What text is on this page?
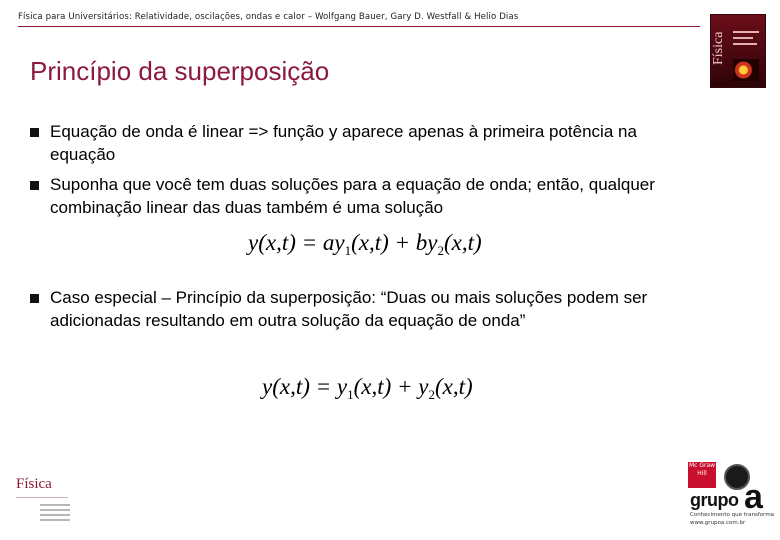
Física para Universitários: Relatividade, oscilações, ondas e calor – Wolfgang Bauer, Gary D. Westfall & Helio Dias
Física
Princípio da superposição
Equação de onda é linear => função y aparece apenas à primeira potência na equação
Suponha que você tem duas soluções para a equação de onda; então, qualquer combinação linear das duas também é uma solução
$y(x,t) = ay_1(x,t) + by_2(x,t)$
Caso especial – Princípio da superposição: “Duas ou mais soluções podem ser adicionadas resultando em outra solução da equação de onda”
$y(x,t) = y_1(x,t) + y_2(x,t)$
Física
Mc Graw Hill
grupo a
Conhecimento que transforma
www.grupoa.com.br
